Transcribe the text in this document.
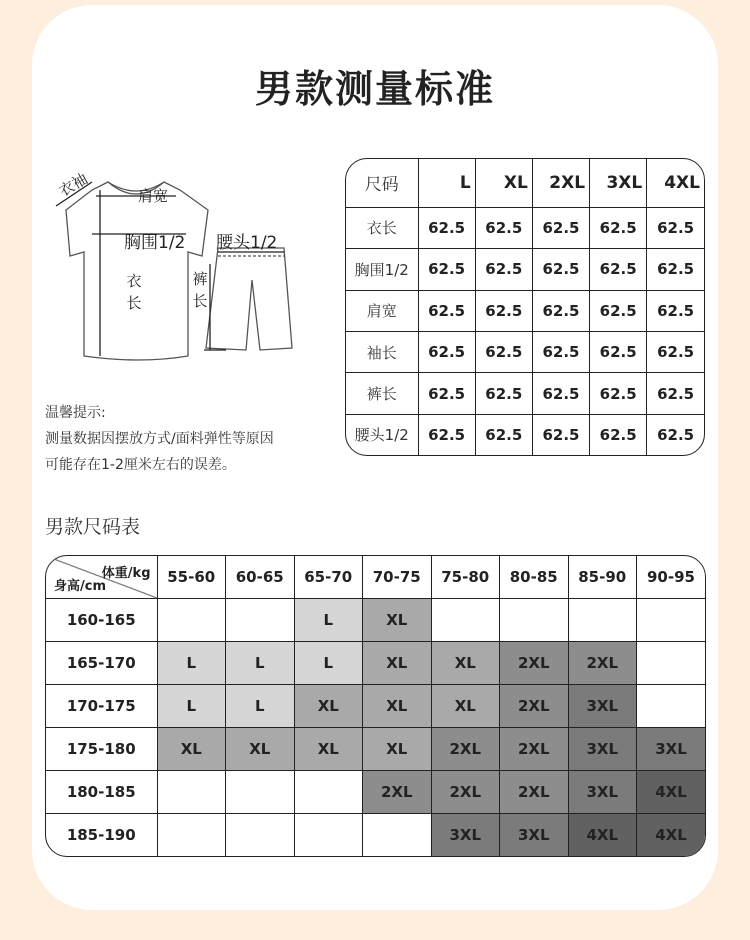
男款测量标准
衣袖	肩宽
胸围1/2 腰头1/2
衣长
裤长
温馨提示:
测量数据因摆放方式/面料弹性等原因
可能存在1-2厘米左右的误差。
尺码	L	XL	2XL	3XL	4XL
衣长	62.5	62.5	62.5	62.5	62.5
胸围1/2	62.5	62.5	62.5	62.5	62.5
肩宽	62.5	62.5	62.5	62.5	62.5
袖长	62.5	62.5	62.5	62.5	62.5
裤长	62.5	62.5	62.5	62.5	62.5
腰头1/2	62.5	62.5	62.5	62.5	62.5
男款尺码表
体重/kg
身高/cm	55-60	60-65	65-70	70-75	75-80	80-85	85-90	90-95
160-165			L	XL				
165-170	L	L	L	XL	XL	2XL	2XL	
170-175	L	L	XL	XL	XL	2XL	3XL	
175-180	XL	XL	XL	XL	2XL	2XL	3XL	3XL
180-185				2XL	2XL	2XL	3XL	4XL
185-190					3XL	3XL	4XL	4XL
